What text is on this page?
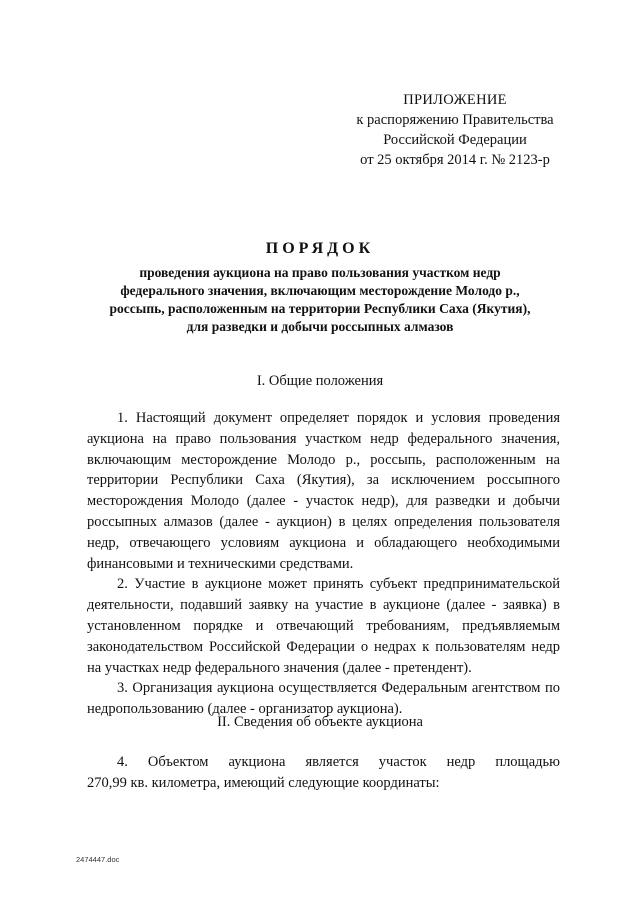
ПРИЛОЖЕНИЕ
к распоряжению Правительства
Российской Федерации
от 25 октября 2014 г. № 2123-р
ПОРЯДОК
проведения аукциона на право пользования участком недр
федерального значения, включающим месторождение Молодо р.,
россыпь, расположенным на территории Республики Саха (Якутия),
для разведки и добычи россыпных алмазов
I. Общие положения

1. Настоящий документ определяет порядок и условия проведения аукциона на право пользования участком недр федерального значения, включающим месторождение Молодо р., россыпь, расположенным на территории Республики Саха (Якутия), за исключением россыпного месторождения Молодо (далее - участок недр), для разведки и добычи россыпных алмазов (далее - аукцион) в целях определения пользователя недр, отвечающего условиям аукциона и обладающего необходимыми финансовыми и техническими средствами.

2. Участие в аукционе может принять субъект предпринимательской деятельности, подавший заявку на участие в аукционе (далее - заявка) в установленном порядке и отвечающий требованиям, предъявляемым законодательством Российской Федерации о недрах к пользователям недр на участках недр федерального значения (далее - претендент).

3. Организация аукциона осуществляется Федеральным агентством по недропользованию (далее - организатор аукциона).

II. Сведения об объекте аукциона

4. Объектом аукциона является участок недр площадью

270,99 кв. километра, имеющий следующие координаты:

2474447.doc
